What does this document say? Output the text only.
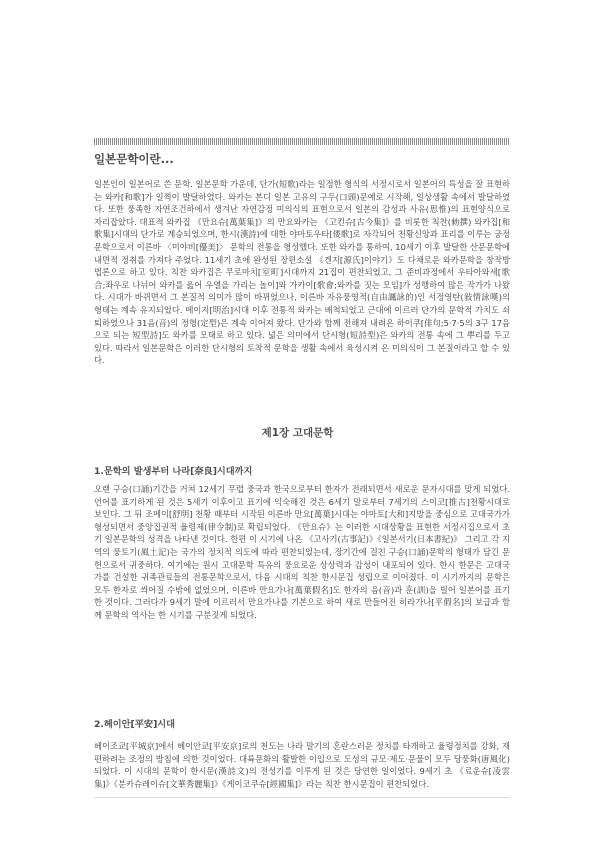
일본문학이란...
일본인이 일본어로 쓴 문학. 일본문학 가운데, 단가(短歌)라는 일정한 형식의 서정시로서 일본어의 특성을 잘 표현하는 와카[和歌]가 일찍이 발달하였다. 와카는 본디 일본 고유의 구두(口頭)문예로 시작해, 일상생활 속에서 발달하였다. 또한 풍족한 자연조건하에서 생겨난 자연감정 미의식의 표현으로서 일본의 감성과 사유(思惟)의 표현양식으로 자리잡았다. 대표적 와카집 《만요슈[萬葉集]》의 만요와카는 《고킨슈[古今集]》를 비롯한 칙찬(勅撰) 와카집[和歌集]시대의 단가로 계승되었으며, 한시(漢詩)에 대한 야마토우타[倭歌]로 자각되어 천황신앙과 표리를 이루는 궁정문학으로서 이른바 〈미야비[優美]〉 문학의 전통을 형성했다. 또한 와카를 통하여, 10세기 이후 발달한 산문문학에 내면적 정취를 가져다 주었다. 11세기 초에 완성된 장편소설 《겐지[源氏]이야기》도 다채로운 와카문학을 창작방법론으로 하고 있다. 칙찬 와카집은 무로마치[室町]시대까지 21집이 편찬되었고, 그 준비과정에서 우타아와세[歌合;좌우로 나뉘어 와카를 읊어 우열을 가리는 놀이]와 가카이[歌會;와카를 짓는 모임]가 성행하여 많은 작가가 나왔다. 시대가 바뀌면서 그 본질적 의미가 많이 바뀌었으나, 이른바 자유풍영적(自由諷詠的)인 서정영탄(敍情詠嘆)의 형태는 계속 유지되었다. 메이지[明治]시대 이후 전통적 와카는 배척되었고 근대에 이르러 단가의 문학적 가치도 쇠퇴하였으나 31음(音)의 정형(定型)은 계속 이어져 왔다. 단가와 함께 전해져 내려온 하이쿠[俳句;5·7·5의 3구 17음으로 되는 短型詩]도 와카를 모태로 하고 있다. 넓은 의미에서 단시형(短詩型)은 와카의 전통 속에 그 뿌리를 두고 있다. 따라서 일본문학은 이러한 단시형의 토착적 문학을 생활 속에서 육성시켜 온 미의식이 그 본질이라고 할 수 있다.
제1장 고대문학
1.문학의 발생부터 나라[奈良]시대까지
오랜 구승(口誦)기간을 거쳐 12세기 무렵 중국과 한국으로부터 한자가 전래되면서 새로운 문자시대를 맞게 되었다. 언어를 표기하게 된 것은 5세기 이후이고 표기에 익숙해진 것은 6세기 말로부터 7세기의 스이코[推古]천황시대로 보인다. 그 뒤 조메이[舒明] 천황 때부터 시작된 이른바 만요[萬葉]시대는 야마토[大和]지방을 중심으로 고대국가가 형성되면서 중앙집권적 율령제(律令制)로 확립되었다. 《만요슈》는 이러한 시대상황을 표현한 서정시집으로서 초기 일본문학의 성격을 나타낸 것이다. 한편 이 시기에 나온 《고사기(古事記)》《일본서기(日本書紀)》 그리고 각 지역의 풍토기(風土記)는 국가의 정치적 의도에 따라 편찬되었는데, 장기간에 걸친 구승(口誦)문학의 형태가 담긴 문헌으로서 귀중하다. 여기에는 원시 고대문학 특유의 풍요로운 상상력과 감성이 내포되어 있다. 한시 한문은 고대국가를 건설한 귀족관료들의 전통문학으로서, 다음 시대의 칙찬 한시문집 성립으로 이어졌다. 이 시기까지의 문학은 모두 한자로 씌어질 수밖에 없었으며, 이른바 만요가나[萬葉假名]도 한자의 음(音)과 훈(訓)을 빌어 일본어를 표기한 것이다. 그러다가 9세기 말에 이르러서 만요가나를 기본으로 하여 새로 만들어진 히라가나[平假名]의 보급과 함께 문학의 역사는 한 시기를 구분짓게 되었다.
2.헤이안[平安]시대
헤이조쿄[平城京]에서 헤이안쿄[平安京]로의 천도는 나라 말기의 혼란스러운 정치를 타개하고 율령정치를 강화, 재편하려는 조정의 방침에 의한 것이었다. 대륙문화의 활발한 이입으로 도성의 규모·제도·문물이 모두 당풍화(唐風化)되었다. 이 시대의 문학이 한시문(漢詩文)의 전성기를 이루게 된 것은 당연한 일이었다. 9세기 초 《료운슈[凌雲集]》《분카슈레이슈[文華秀麗集]》《게이코쿠슈[經國集]》라는 칙찬 한시문집이 편찬되었다.
